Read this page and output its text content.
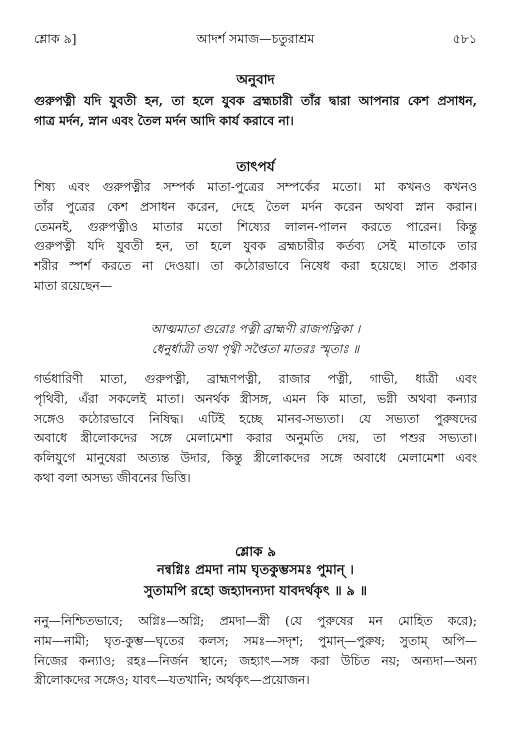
শ্লোক ৯]	আদর্শ সমাজ—চতুরাশ্রম	৫৮১
অনুবাদ
গুরুপত্নী যদি যুবতী হন, তা হলে যুবক ব্রহ্মচারী তাঁর দ্বারা আপনার কেশ প্রসাধন,
গাত্র মর্দন, স্নান এবং তৈল মর্দন আদি কার্য করাবে না।
তাৎপর্য
শিষ্য এবং গুরুপত্নীর সম্পর্ক মাতা-পুত্রের সম্পর্কের মতো। মা কখনও কখনও
তাঁর পুত্রের কেশ প্রসাধন করেন, দেহে তৈল মর্দন করেন অথবা স্নান করান।
তেমনই, গুরুপত্নীও মাতার মতো শিষ্যের লালন-পালন করতে পারেন। কিন্তু
গুরুপত্নী যদি যুবতী হন, তা হলে যুবক ব্রহ্মচারীর কর্তব্য সেই মাতাকে তার
শরীর স্পর্শ করতে না দেওয়া। তা কঠোরভাবে নিষেধ করা হয়েছে। সাত প্রকার
মাতা রয়েছেন—
আত্মমাতা গুরোঃ পত্নী ব্রাহ্মণী রাজপত্নিকা ।
ধেনুর্ধাত্রী তথা পৃথ্বী সপ্তৈতা মাতরঃ স্মৃতাঃ ॥
গর্ভধারিণী মাতা, গুরুপত্নী, ব্রাহ্মণপত্নী, রাজার পত্নী, গাভী, ধাত্রী এবং
পৃথিবী, এঁরা সকলেই মাতা। অনর্থক স্ত্রীসঙ্গ, এমন কি মাতা, ভগ্নী অথবা কন্যার
সঙ্গেও কঠোরভাবে নিষিদ্ধ। এটিই হচ্ছে মানব-সভ্যতা। যে সভ্যতা পুরুষদের
অবাধে স্ত্রীলোকদের সঙ্গে মেলামেশা করার অনুমতি দেয়, তা পশুর সভ্যতা।
কলিযুগে মানুষেরা অত্যন্ত উদার, কিন্তু স্ত্রীলোকদের সঙ্গে অবাধে মেলামেশা এবং
কথা বলা অসভ্য জীবনের ভিত্তি।
শ্লোক ৯
নন্বগ্নিঃ প্রমদা নাম ঘৃতকুম্ভসমঃ পুমান্ ।
সুতামপি রহো জহ্যাদন্যদা যাবদর্থকৃৎ ॥ ৯ ॥
ননু—নিশ্চিতভাবে; অগ্নিঃ—অগ্নি; প্রমদা—স্ত্রী (যে পুরুষের মন মোহিত করে);
নাম—নামী; ঘৃত-কুম্ভ—ঘৃতের কলস; সমঃ—সদৃশ; পুমান্—পুরুষ; সুতাম্ অপি—
নিজের কন্যাও; রহঃ—নির্জন স্থানে; জহ্যাৎ—সঙ্গ করা উচিত নয়; অন্যদা—অন্য
স্ত্রীলোকদের সঙ্গেও; যাবৎ—যতখানি; অর্থকৃৎ—প্রয়োজন।
